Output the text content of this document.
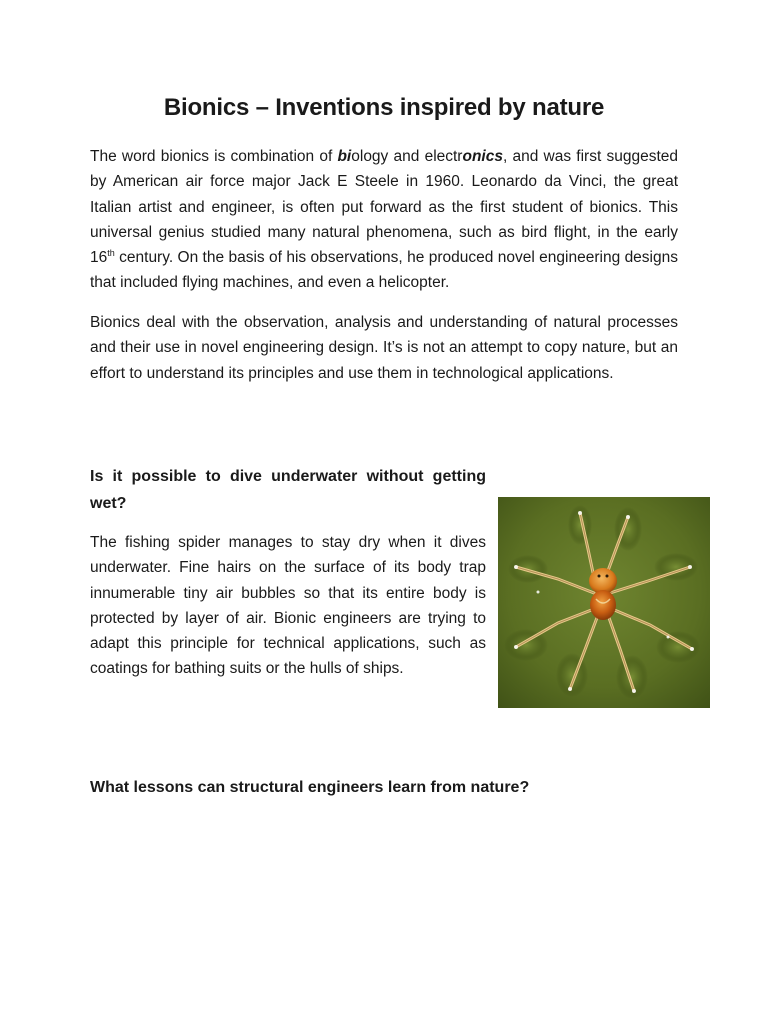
Bionics – Inventions inspired by nature

The word bionics is combination of biology and electronics, and was first suggested by American air force major Jack E Steele in 1960. Leonardo da Vinci, the great Italian artist and engineer, is often put forward as the first student of bionics. This universal genius studied many natural phenomena, such as bird flight, in the early 16th century. On the basis of his observations, he produced novel engineering designs that included flying machines, and even a helicopter.

Bionics deal with the observation, analysis and understanding of natural processes and their use in novel engineering design. It’s is not an attempt to copy nature, but an effort to understand its principles and use them in technological applications.

Is it possible to dive underwater without getting wet?

The fishing spider manages to stay dry when it dives underwater. Fine hairs on the surface of its body trap innumerable tiny air bubbles so that its entire body is protected by layer of air. Bionic engineers are trying to adapt this principle for technical applications, such as coatings for bathing suits or the hulls of ships.

What lessons can structural engineers learn from nature?
